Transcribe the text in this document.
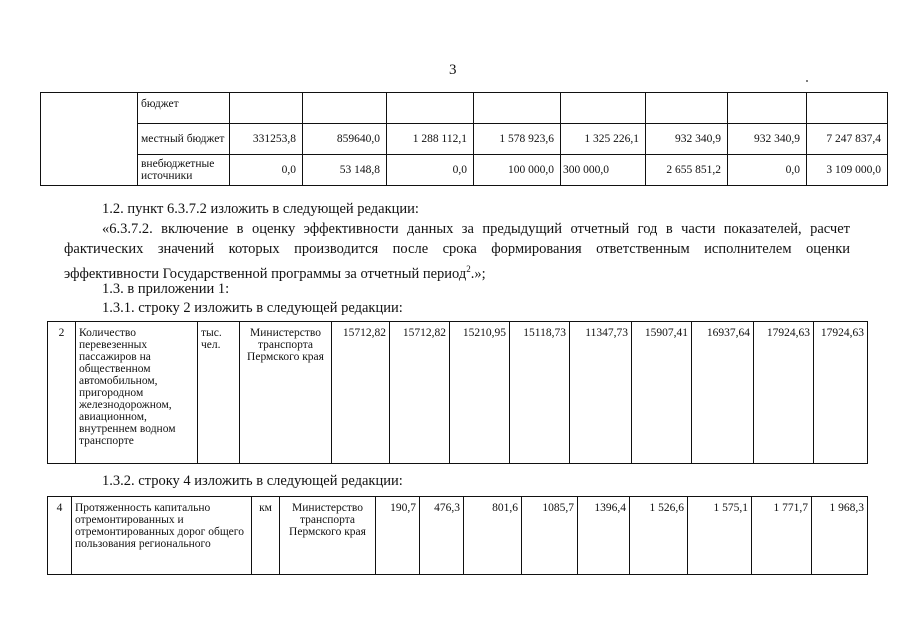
3
	бюджет								
	местный бюджет	331253,8	859640,0	1 288 112,1	1 578 923,6	1 325 226,1	932 340,9	932 340,9	7 247 837,4
	внебюджетные источники	0,0	53 148,8	0,0	100 000,0	300 000,0	2 655 851,2	0,0	3 109 000,0
1.2. пункт 6.3.7.2 изложить в следующей редакции:
«6.3.7.2. включение в оценку эффективности данных за предыдущий отчетный год в части показателей, расчет
фактических значений которых производится после срока формирования ответственным исполнителем оценки
эффективности Государственной программы за отчетный период$^2$.»;
1.3. в приложении 1:
1.3.1. строку 2 изложить в следующей редакции:
2	Количество перевезенных пассажиров на общественном автомобильном, пригородном железнодорожном, авиационном, внутреннем водном транспорте	тыс. чел.	Министерство транспорта Пермского края	15712,82	15712,82	15210,95	15118,73	11347,73	15907,41	16937,64	17924,63	17924,63
1.3.2. строку 4 изложить в следующей редакции:
4	Протяженность капитально отремонтированных и отремонтированных дорог общего пользования регионального	км	Министерство транспорта Пермского края	190,7	476,3	801,6	1085,7	1396,4	1 526,6	1 575,1	1 771,7	1 968,3
